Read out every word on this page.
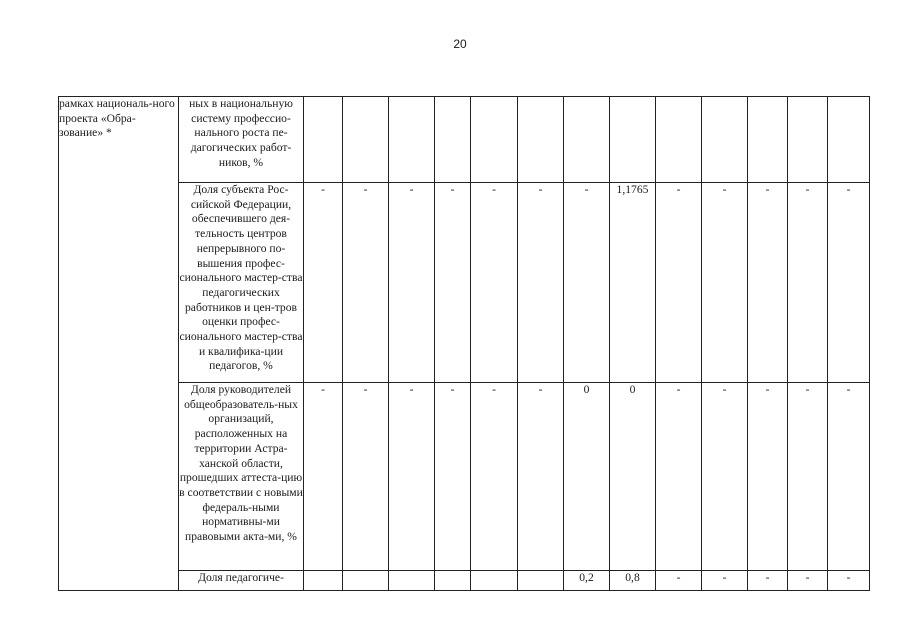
20
рамках националь-ного проекта «Обра-зование» *	ных в национальную систему профессио-нального роста пе-дагогических работ-ников, %													
	Доля субъекта Рос-сийской Федерации, обеспечившего дея-тельность центров непрерывного по-вышения профес-сионального мастер-ства педагогических работников и цен-тров оценки профес-сионального мастер-ства и квалифика-ции педагогов, %	-	-	-	-	-	-	-	1,1765	-	-	-	-	-
	Доля руководителей общеобразователь-ных организаций, расположенных на территории Астра-ханской области, прошедших аттеста-цию в соответствии с новыми федераль-ными нормативны-ми правовыми акта-ми, %	-	-	-	-	-	-	0	0	-	-	-	-	-
	Доля педагогиче-							0,2	0,8	-	-	-	-	-
